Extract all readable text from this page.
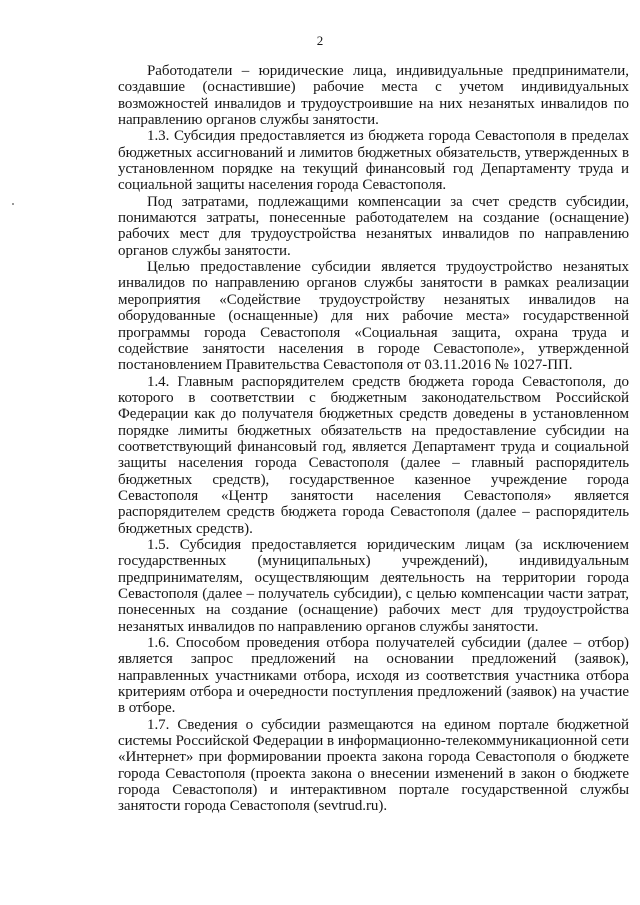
2

Работодатели – юридические лица, индивидуальные предприниматели, создавшие (оснастившие) рабочие места с учетом индивидуальных возможностей инвалидов и трудоустроившие на них незанятых инвалидов по направлению органов службы занятости.

1.3. Субсидия предоставляется из бюджета города Севастополя в пределах бюджетных ассигнований и лимитов бюджетных обязательств, утвержденных в установленном порядке на текущий финансовый год Департаменту труда и социальной защиты населения города Севастополя.

Под затратами, подлежащими компенсации за счет средств субсидии, понимаются затраты, понесенные работодателем на создание (оснащение) рабочих мест для трудоустройства незанятых инвалидов по направлению органов службы занятости.

Целью предоставление субсидии является трудоустройство незанятых инвалидов по направлению органов службы занятости в рамках реализации мероприятия «Содействие трудоустройству незанятых инвалидов на оборудованные (оснащенные) для них рабочие места» государственной программы города Севастополя «Социальная защита, охрана труда и содействие занятости населения в городе Севастополе», утвержденной постановлением Правительства Севастополя от 03.11.2016 № 1027-ПП.

1.4. Главным распорядителем средств бюджета города Севастополя, до которого в соответствии с бюджетным законодательством Российской Федерации как до получателя бюджетных средств доведены в установленном порядке лимиты бюджетных обязательств на предоставление субсидии на соответствующий финансовый год, является Департамент труда и социальной защиты населения города Севастополя (далее – главный распорядитель бюджетных средств), государственное казенное учреждение города Севастополя «Центр занятости населения Севастополя» является распорядителем средств бюджета города Севастополя (далее – распорядитель бюджетных средств).

1.5. Субсидия предоставляется юридическим лицам (за исключением государственных (муниципальных) учреждений), индивидуальным предпринимателям, осуществляющим деятельность на территории города Севастополя (далее – получатель субсидии), с целью компенсации части затрат, понесенных на создание (оснащение) рабочих мест для трудоустройства незанятых инвалидов по направлению органов службы занятости.

1.6. Способом проведения отбора получателей субсидии (далее – отбор) является запрос предложений на основании предложений (заявок), направленных участниками отбора, исходя из соответствия участника отбора критериям отбора и очередности поступления предложений (заявок) на участие в отборе.

1.7. Сведения о субсидии размещаются на едином портале бюджетной системы Российской Федерации в информационно-телекоммуникационной сети «Интернет» при формировании проекта закона города Севастополя о бюджете города Севастополя (проекта закона о внесении изменений в закон о бюджете города Севастополя) и интерактивном портале государственной службы занятости города Севастополя (sevtrud.ru).
